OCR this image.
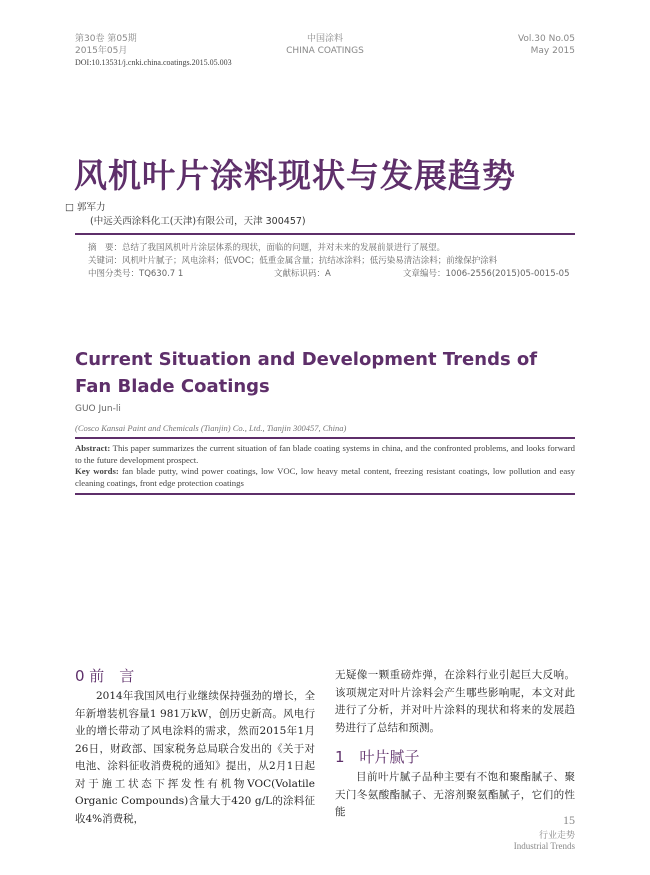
第30卷 第05期
2015年05月
中国涂料
CHINA COATINGS
Vol.30 No.05
May 2015
DOI:10.13531/j.cnki.china.coatings.2015.05.003
风机叶片涂料现状与发展趋势
□ 郭军力
(中远关西涂料化工(天津)有限公司，天津 300457)
摘　要：总结了我国风机叶片涂层体系的现状，面临的问题，并对未来的发展前景进行了展望。
关键词：风机叶片腻子；风电涂料；低VOC；低重金属含量；抗结冰涂料；低污染易清洁涂料；前缘保护涂料
中图分类号：TQ630.7 1	文献标识码：A	文章编号：1006-2556(2015)05-0015-05
Current Situation and Development Trends of Fan Blade Coatings
GUO Jun-li
(Cosco Kansai Paint and Chemicals (Tianjin) Co., Ltd., Tianjin 300457, China)
Abstract: This paper summarizes the current situation of fan blade coating systems in china, and the confronted problems, and looks forward to the future development prospect.
Key words: fan blade putty, wind power coatings, low VOC, low heavy metal content, freezing resistant coatings, low pollution and easy cleaning coatings, front edge protection coatings
0 前　言
2014年我国风电行业继续保持强劲的增长，全年新增装机容量1 981万kW，创历史新高。风电行业的增长带动了风电涂料的需求，然而2015年1月26日，财政部、国家税务总局联合发出的《关于对电池、涂料征收消费税的通知》提出，从2月1日起对于施工状态下挥发性有机物VOC(Volatile Organic Compounds)含量大于420 g/L的涂料征收4%消费税，
无疑像一颗重磅炸弹，在涂料行业引起巨大反响。该项规定对叶片涂料会产生哪些影响呢，本文对此进行了分析，并对叶片涂料的现状和将来的发展趋势进行了总结和预测。
1　叶片腻子
目前叶片腻子品种主要有不饱和聚酯腻子、聚天门冬氨酸酯腻子、无溶剂聚氨酯腻子，它们的性能
15
行业走势
Industrial Trends
